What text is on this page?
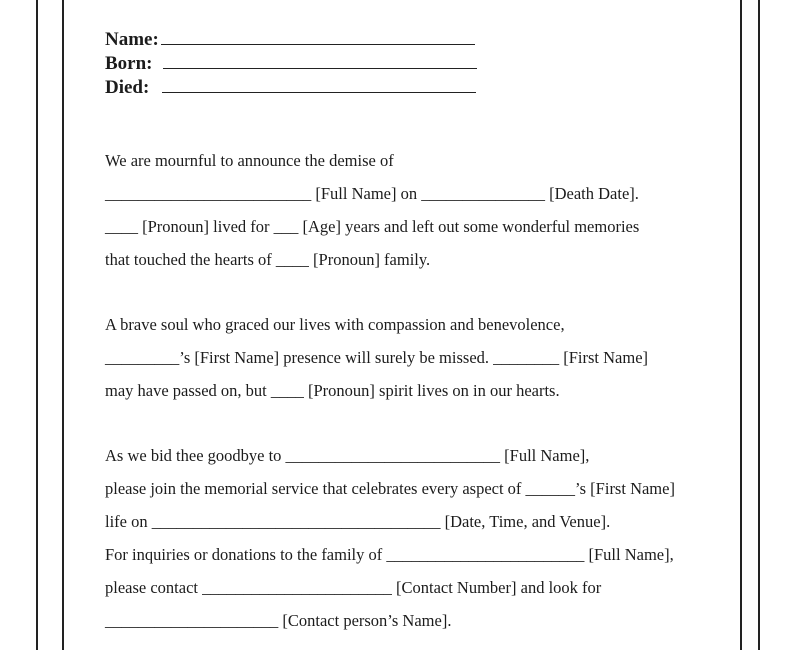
Name:
Born:
Died:
We are mournful to announce the demise of
_________________________ [Full Name] on _______________ [Death Date].
____ [Pronoun] lived for ___ [Age] years and left out some wonderful memories
that touched the hearts of ____ [Pronoun] family.
A brave soul who graced our lives with compassion and benevolence,
_________’s [First Name] presence will surely be missed. ________ [First Name]
may have passed on, but ____ [Pronoun] spirit lives on in our hearts.
As we bid thee goodbye to __________________________ [Full Name],
please join the memorial service that celebrates every aspect of ______’s [First Name]
life on ___________________________________ [Date, Time, and Venue].
For inquiries or donations to the family of ________________________ [Full Name],
please contact _______________________ [Contact Number] and look for
_____________________ [Contact person’s Name].
